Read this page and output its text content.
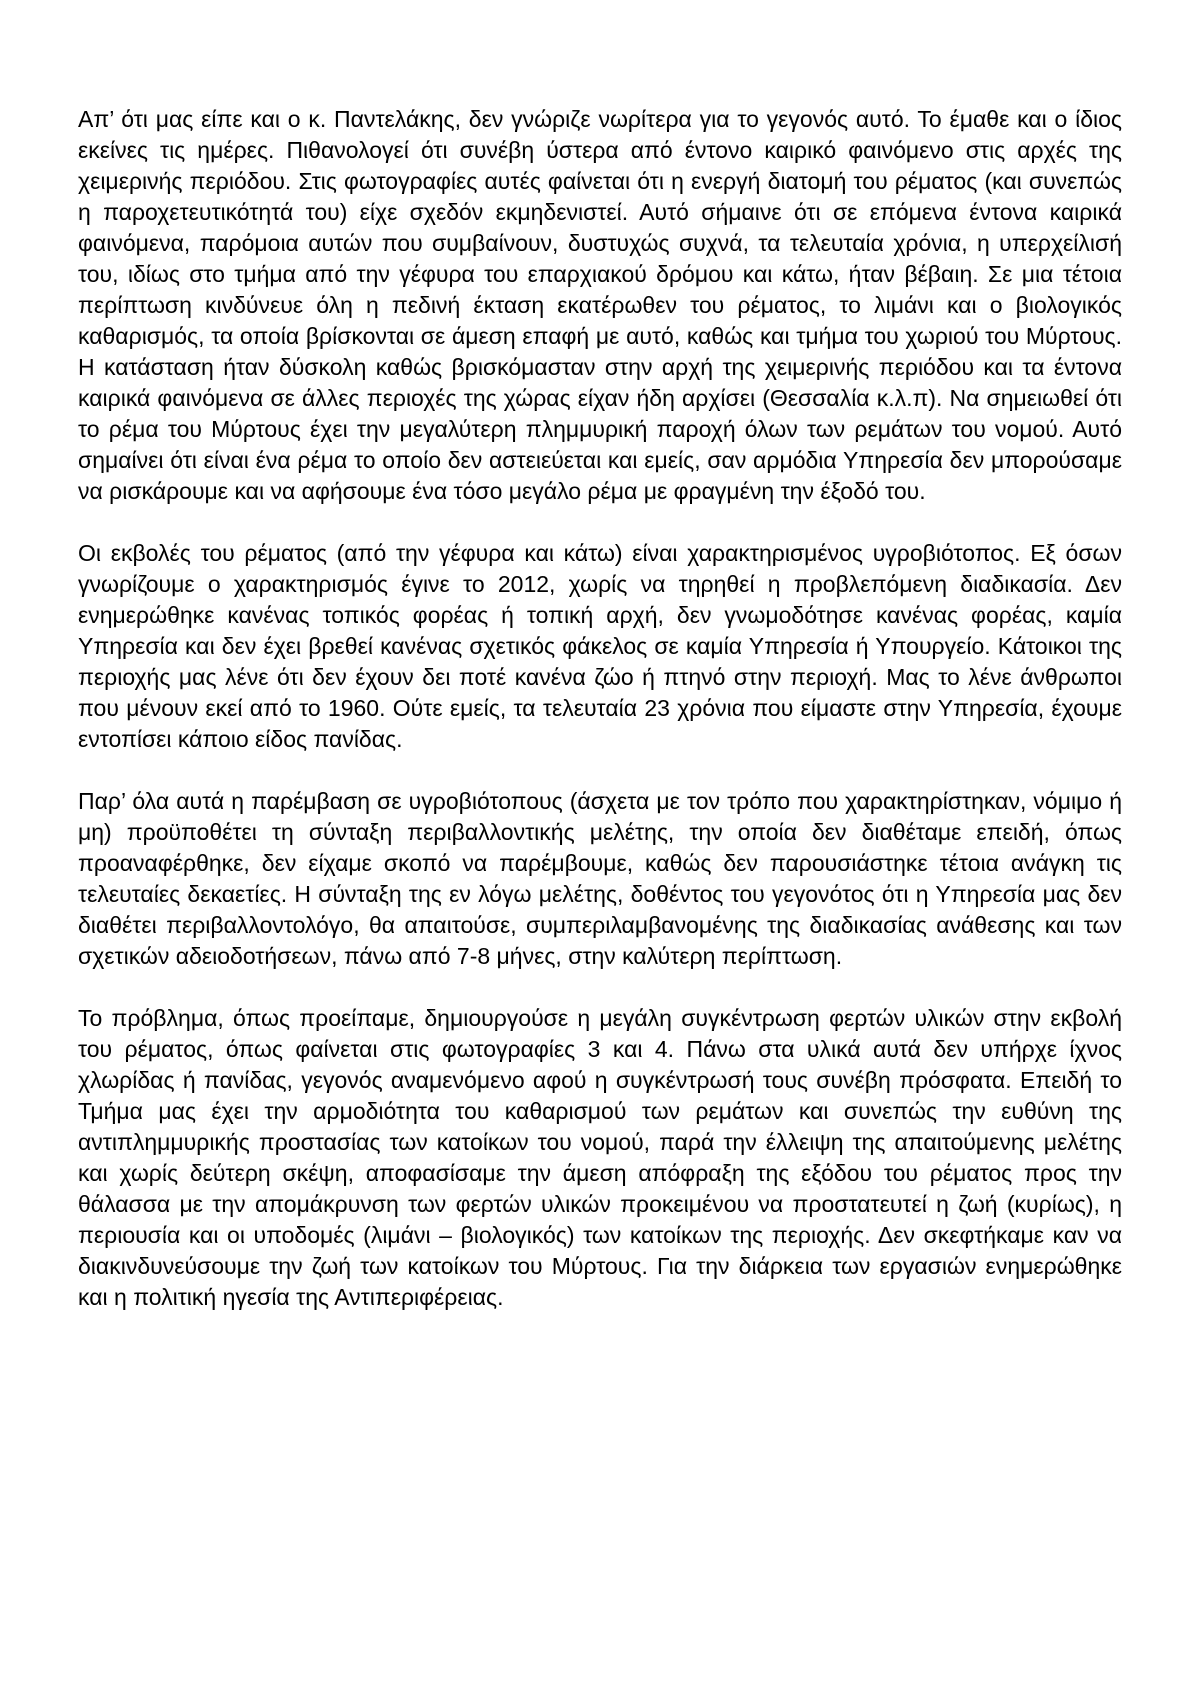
Απ’ ότι μας είπε και ο κ. Παντελάκης, δεν γνώριζε νωρίτερα για το γεγονός αυτό. Το έμαθε και ο ίδιος εκείνες τις ημέρες. Πιθανολογεί ότι συνέβη ύστερα από έντονο καιρικό φαινόμενο στις αρχές της χειμερινής περιόδου. Στις φωτογραφίες αυτές φαίνεται ότι η ενεργή διατομή του ρέματος (και συνεπώς η παροχετευτικότητά του) είχε σχεδόν εκμηδενιστεί. Αυτό σήμαινε ότι σε επόμενα έντονα καιρικά φαινόμενα, παρόμοια αυτών που συμβαίνουν, δυστυχώς συχνά, τα τελευταία χρόνια, η υπερχείλισή του, ιδίως στο τμήμα από την γέφυρα του επαρχιακού δρόμου και κάτω, ήταν βέβαιη. Σε μια τέτοια περίπτωση κινδύνευε όλη η πεδινή έκταση εκατέρωθεν του ρέματος, το λιμάνι και ο βιολογικός καθαρισμός, τα οποία βρίσκονται σε άμεση επαφή με αυτό, καθώς και τμήμα του χωριού του Μύρτους. Η κατάσταση ήταν δύσκολη καθώς βρισκόμασταν στην αρχή της χειμερινής περιόδου και τα έντονα καιρικά φαινόμενα σε άλλες περιοχές της χώρας είχαν ήδη αρχίσει (Θεσσαλία κ.λ.π). Να σημειωθεί ότι το ρέμα του Μύρτους έχει την μεγαλύτερη πλημμυρική παροχή όλων των ρεμάτων του νομού. Αυτό σημαίνει ότι είναι ένα ρέμα το οποίο δεν αστειεύεται και εμείς, σαν αρμόδια Υπηρεσία δεν μπορούσαμε να ρισκάρουμε και να αφήσουμε ένα τόσο μεγάλο ρέμα με φραγμένη την έξοδό του.

Οι εκβολές του ρέματος (από την γέφυρα και κάτω) είναι χαρακτηρισμένος υγροβιότοπος. Εξ όσων γνωρίζουμε ο χαρακτηρισμός έγινε το 2012, χωρίς να τηρηθεί η προβλεπόμενη διαδικασία. Δεν ενημερώθηκε κανένας τοπικός φορέας ή τοπική αρχή, δεν γνωμοδότησε κανένας φορέας, καμία Υπηρεσία και δεν έχει βρεθεί κανένας σχετικός φάκελος σε καμία Υπηρεσία ή Υπουργείο. Κάτοικοι της περιοχής μας λένε ότι δεν έχουν δει ποτέ κανένα ζώο ή πτηνό στην περιοχή. Μας το λένε άνθρωποι που μένουν εκεί από το 1960. Ούτε εμείς, τα τελευταία 23 χρόνια που είμαστε στην Υπηρεσία, έχουμε εντοπίσει κάποιο είδος πανίδας.

Παρ’ όλα αυτά η παρέμβαση σε υγροβιότοπους (άσχετα με τον τρόπο που χαρακτηρίστηκαν, νόμιμο ή μη) προϋποθέτει τη σύνταξη περιβαλλοντικής μελέτης, την οποία δεν διαθέταμε επειδή, όπως προαναφέρθηκε, δεν είχαμε σκοπό να παρέμβουμε, καθώς δεν παρουσιάστηκε τέτοια ανάγκη τις τελευταίες δεκαετίες. Η σύνταξη της εν λόγω μελέτης, δοθέντος του γεγονότος ότι η Υπηρεσία μας δεν διαθέτει περιβαλλοντολόγο, θα απαιτούσε, συμπεριλαμβανομένης της διαδικασίας ανάθεσης και των σχετικών αδειοδοτήσεων, πάνω από 7-8 μήνες, στην καλύτερη περίπτωση.

Το πρόβλημα, όπως προείπαμε, δημιουργούσε η μεγάλη συγκέντρωση φερτών υλικών στην εκβολή του ρέματος, όπως φαίνεται στις φωτογραφίες 3 και 4. Πάνω στα υλικά αυτά δεν υπήρχε ίχνος χλωρίδας ή πανίδας, γεγονός αναμενόμενο αφού η συγκέντρωσή τους συνέβη πρόσφατα. Επειδή το Τμήμα μας έχει την αρμοδιότητα του καθαρισμού των ρεμάτων και συνεπώς την ευθύνη της αντιπλημμυρικής προστασίας των κατοίκων του νομού, παρά την έλλειψη της απαιτούμενης μελέτης και χωρίς δεύτερη σκέψη, αποφασίσαμε την άμεση απόφραξη της εξόδου του ρέματος προς την θάλασσα με την απομάκρυνση των φερτών υλικών προκειμένου να προστατευτεί η ζωή (κυρίως), η περιουσία και οι υποδομές (λιμάνι – βιολογικός) των κατοίκων της περιοχής. Δεν σκεφτήκαμε καν να διακινδυνεύσουμε την ζωή των κατοίκων του Μύρτους. Για την διάρκεια των εργασιών ενημερώθηκε και η πολιτική ηγεσία της Αντιπεριφέρειας.
